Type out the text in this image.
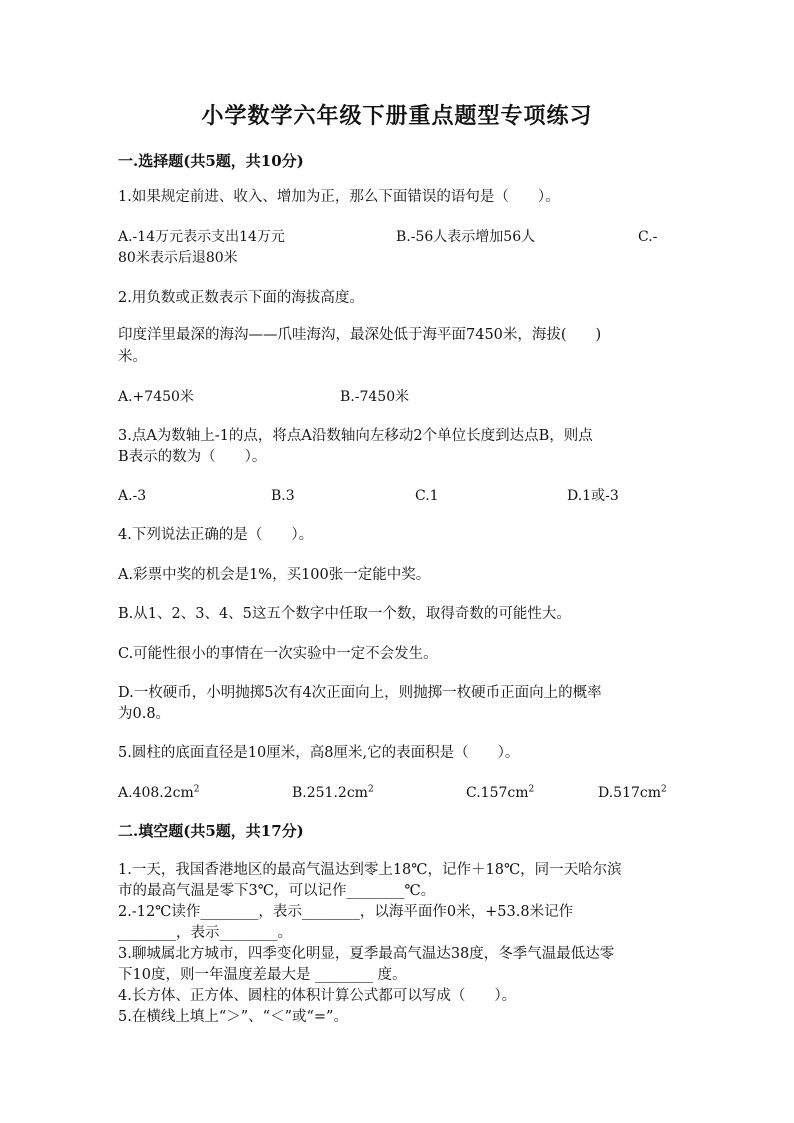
小学数学六年级下册重点题型专项练习
一.选择题(共5题，共10分)
1.如果规定前进、收入、增加为正，那么下面错误的语句是（　　）。
A.-14万元表示支出14万元	B.-56人表示增加56人	C.-
80米表示后退80米
2.用负数或正数表示下面的海拔高度。
印度洋里最深的海沟——爪哇海沟，最深处低于海平面7450米，海拔(　　)
米。
A.+7450米	B.-7450米
3.点A为数轴上-1的点，将点A沿数轴向左移动2个单位长度到达点B，则点
B表示的数为（　　）。
A.-3	B.3	C.1	D.1或-3
4.下列说法正确的是（　　）。
A.彩票中奖的机会是1%，买100张一定能中奖。
B.从1、2、3、4、5这五个数字中任取一个数，取得奇数的可能性大。
C.可能性很小的事情在一次实验中一定不会发生。
D.一枚硬币，小明抛掷5次有4次正面向上，则抛掷一枚硬币正面向上的概率
为0.8。
5.圆柱的底面直径是10厘米，高8厘米,它的表面积是（　　）。
$A.408.2cm^2$	$B.251.2cm^2$	$C.157cm^2$	$D.517cm^2$
二.填空题(共5题，共17分)
1.一天，我国香港地区的最高气温达到零上18℃，记作＋18℃，同一天哈尔滨
市的最高气温是零下3℃，可以记作________℃。
2.-12℃读作________，表示________，以海平面作0米，+53.8米记作
________，表示________。
3.聊城属北方城市，四季变化明显，夏季最高气温达38度，冬季气温最低达零
下10度，则一年温度差最大是 ________ 度。
4.长方体、正方体、圆柱的体积计算公式都可以写成（　　）。
5.在横线上填上“＞”、“＜”或“=”。
